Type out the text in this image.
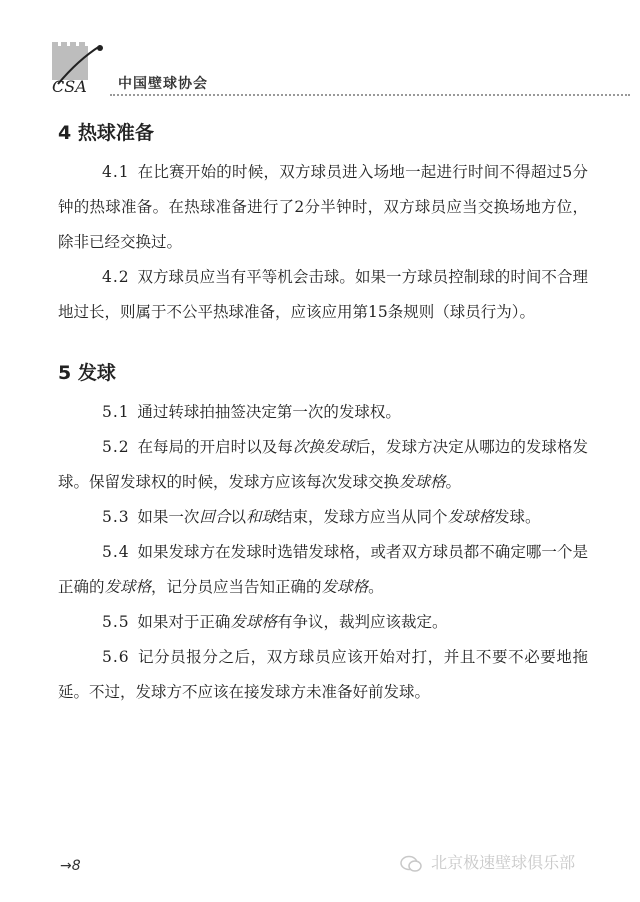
CSA 中国壁球协会
4 热球准备

4.1  在比赛开始的时候，双方球员进入场地一起进行时间不得超过5分钟的热球准备。在热球准备进行了2分半钟时，双方球员应当交换场地方位，除非已经交换过。

4.2  双方球员应当有平等机会击球。如果一方球员控制球的时间不合理地过长，则属于不公平热球准备，应该应用第15条规则（球员行为）。

5 发球

5.1  通过转球拍抽签决定第一次的发球权。

5.2  在每局的开启时以及每次换发球后，发球方决定从哪边的发球格发球。保留发球权的时候，发球方应该每次发球交换发球格。

5.3  如果一次回合以和球结束，发球方应当从同个发球格发球。

5.4  如果发球方在发球时选错发球格，或者双方球员都不确定哪一个是正确的发球格，记分员应当告知正确的发球格。

5.5  如果对于正确发球格有争议，裁判应该裁定。

5.6  记分员报分之后，双方球员应该开始对打，并且不要不必要地拖延。不过，发球方不应该在接发球方未准备好前发球。

→8	北京极速壁球俱乐部
